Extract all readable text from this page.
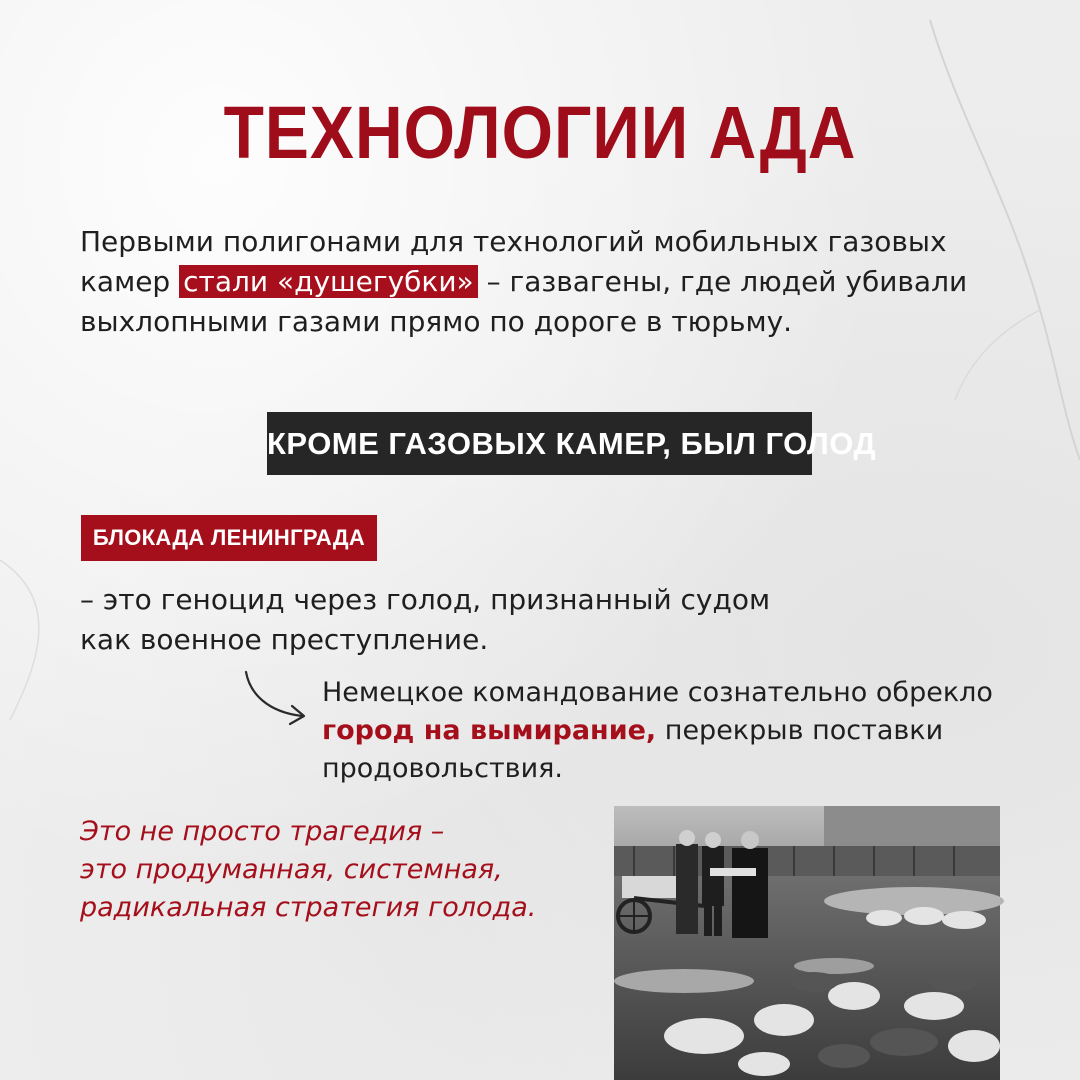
ТЕХНОЛОГИИ АДА
Первыми полигонами для технологий мобильных газовых камер стали «душегубки» – газвагены, где людей убивали выхлопными газами прямо по дороге в тюрьму.
КРОМЕ ГАЗОВЫХ КАМЕР, БЫЛ ГОЛОД
БЛОКАДА ЛЕНИНГРАДА
– это геноцид через голод, признанный судом как военное преступление.
Немецкое командование сознательно обрекло город на вымирание, перекрыв поставки продовольствия.
Это не просто трагедия –
это продуманная, системная,
радикальная стратегия голода.
